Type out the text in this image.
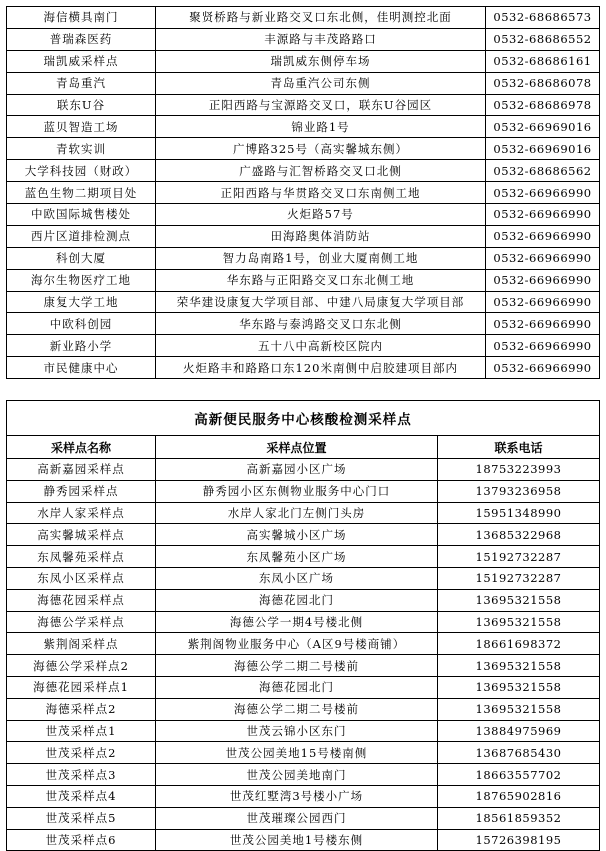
海信横具南门	聚贤桥路与新业路交叉口东北侧，佳明测控北面	0532-68686573
普瑞森医药	丰源路与丰茂路路口	0532-68686552
瑞凯威采样点	瑞凯威东侧停车场	0532-68686161
青岛重汽	青岛重汽公司东侧	0532-68686078
联东U谷	正阳西路与宝源路交叉口，联东U谷园区	0532-68686978
蓝贝智造工场	锦业路1号	0532-66969016
青软实训	广博路325号（高实馨城东侧）	0532-66969016
大学科技园（财政）	广盛路与汇智桥路交叉口北侧	0532-68686562
蓝色生物二期项目处	正阳西路与华贯路交叉口东南侧工地	0532-66966990
中欧国际城售楼处	火炬路57号	0532-66966990
西片区道排检测点	田海路奥体消防站	0532-66966990
科创大厦	智力岛南路1号，创业大厦南侧工地	0532-66966990
海尔生物医疗工地	华东路与正阳路交叉口东北侧工地	0532-66966990
康复大学工地	荣华建设康复大学项目部、中建八局康复大学项目部	0532-66966990
中欧科创园	华东路与泰鸿路交叉口东北侧	0532-66966990
新业路小学	五十八中高新校区院内	0532-66966990
市民健康中心	火炬路丰和路路口东120米南侧中启胶建项目部内	0532-66966990
高新便民服务中心核酸检测采样点		
采样点名称	采样点位置	联系电话
高新嘉园采样点	高新嘉园小区广场	18753223993
静秀园采样点	静秀园小区东侧物业服务中心门口	13793236958
水岸人家采样点	水岸人家北门左侧门头房	15951348990
高实馨城采样点	高实馨城小区广场	13685322968
东凤馨苑采样点	东凤馨苑小区广场	15192732287
东凤小区采样点	东凤小区广场	15192732287
海德花园采样点	海德花园北门	13695321558
海德公学采样点	海德公学一期4号楼北侧	13695321558
紫荆阁采样点	紫荆阁物业服务中心（A区9号楼商铺）	18661698372
海德公学采样点2	海德公学二期二号楼前	13695321558
海德花园采样点1	海德花园北门	13695321558
海德采样点2	海德公学二期二号楼前	13695321558
世茂采样点1	世茂云锦小区东门	13884975969
世茂采样点2	世茂公园美地15号楼南侧	13687685430
世茂采样点3	世茂公园美地南门	18663557702
世茂采样点4	世茂红墅湾3号楼小广场	18765902816
世茂采样点5	世茂璀璨公园西门	18561859352
世茂采样点6	世茂公园美地1号楼东侧	15726398195
